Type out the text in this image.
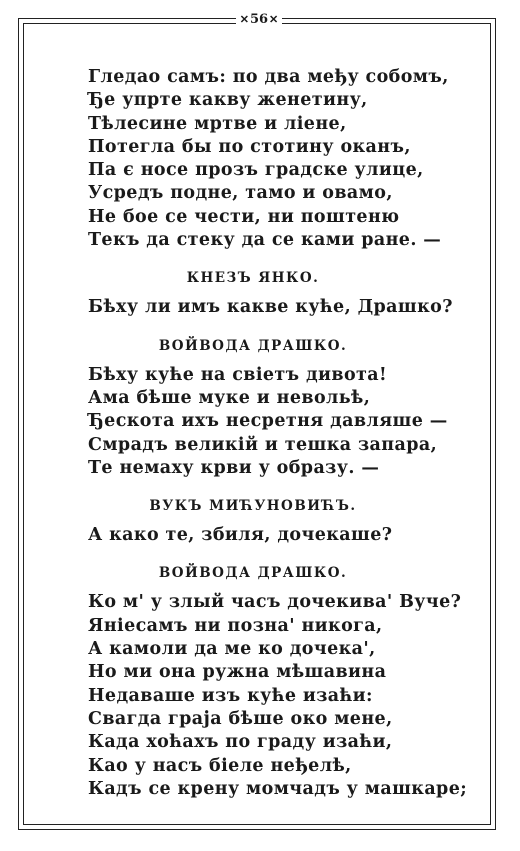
✕ 56 ✕
Гледао самъ: по два међу собомъ,
Ђе упрте какву женетину,
Тѣлесине мртве и лiене,
Потегла бы по стотину оканъ,
Па є носе прозъ градске улице,
Усредъ подне, тамо и овамо,
Не бое се чести, ни поштеню
Текъ да стеку да се ками ране. —
КНЕЗЪ ЯНКО.
Бѣху ли имъ какве куће, Драшко?
ВОЙВОДА ДРАШКО.
Бѣху куће на свiетъ дивота!
Ама бѣше муке и невольѣ,
Ђескота ихъ несретня давляше —
Смрадъ великiй и тешка запара,
Те немаху крви у образу. —
ВУКЪ МИЋУНОВИЋЪ.
А како те, збиля, дочекаше?
ВОЙВОДА ДРАШКО.
Ко м' у злый часъ дочекива' Вуче?
Янiесамъ ни позна' никога,
А камоли да ме ко дочека',
Но ми она ружна мѣшавина
Недаваше изъ куће изаћи:
Свагда граја бѣше око мене,
Када хоћахъ по граду изаћи,
Као у насъ бiеле неђелѣ,
Кадъ се крену момчадъ у машкаре;
